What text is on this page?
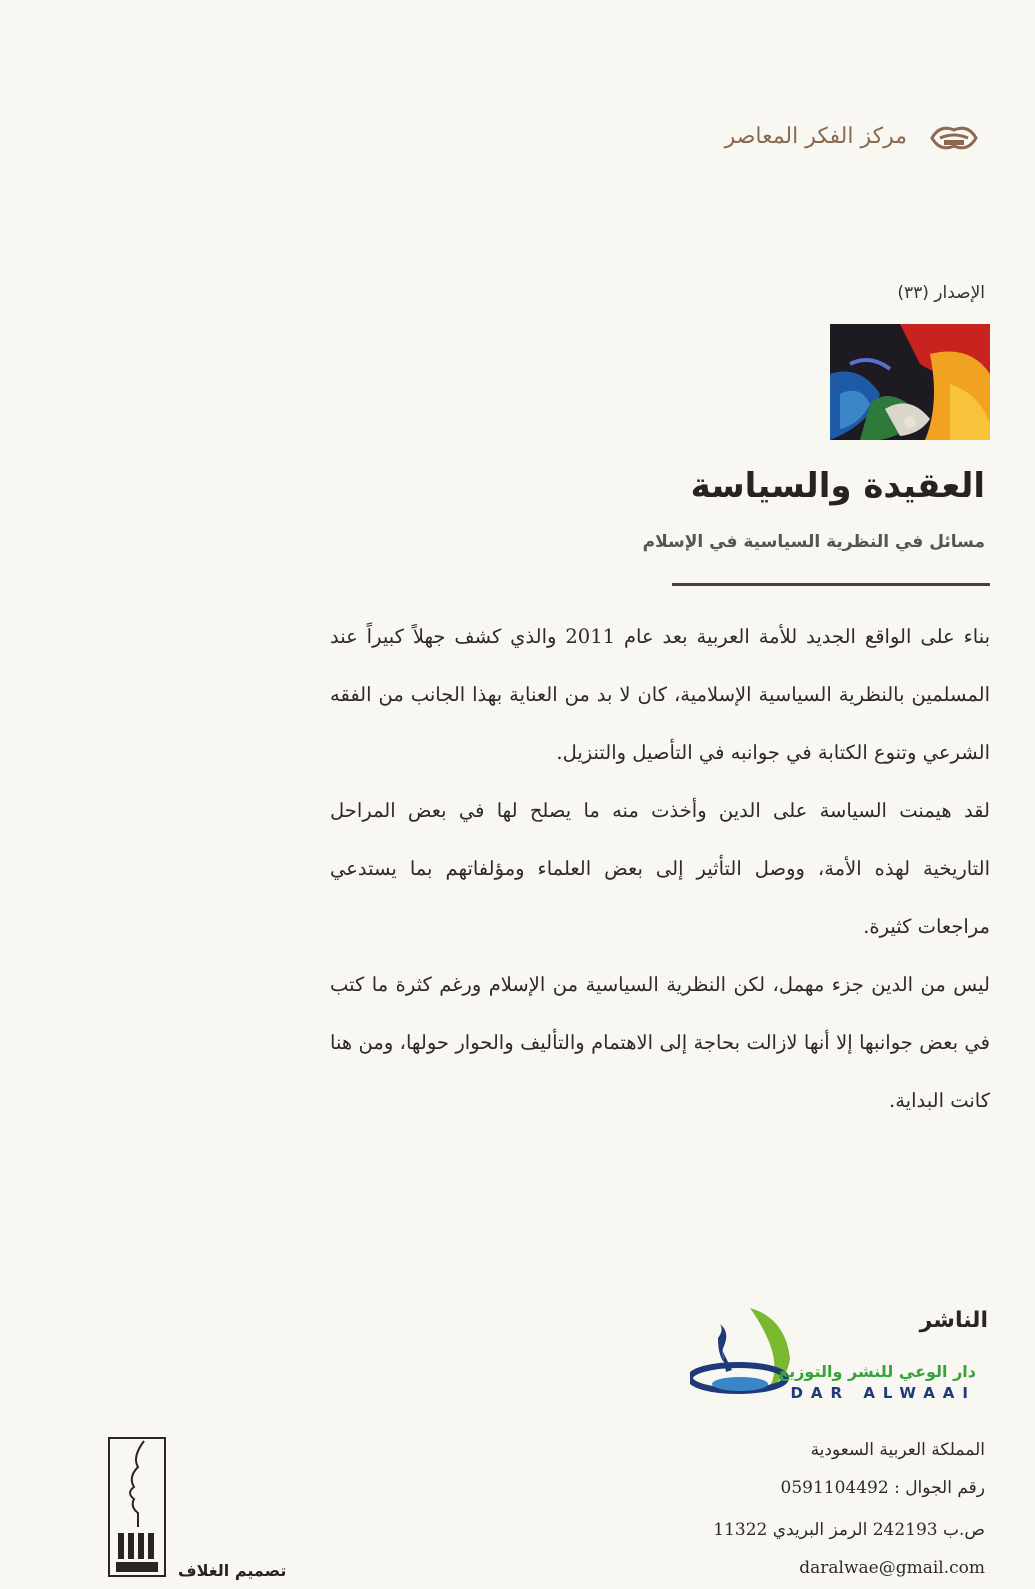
مركز الفكر المعاصر
الإصدار (٣٣)
العقيدة والسياسة
مسائل في النظرية السياسية في الإسلام

بناء على الواقع الجديد للأمة العربية بعد عام 2011 والذي كشف جهلاً كبيراً عند المسلمين بالنظرية السياسية الإسلامية، كان لا بد من العناية بهذا الجانب من الفقه الشرعي وتنوع الكتابة في جوانبه في التأصيل والتنزيل.

لقد هيمنت السياسة على الدين وأخذت منه ما يصلح لها في بعض المراحل التاريخية لهذه الأمة، ووصل التأثير إلى بعض العلماء ومؤلفاتهم بما يستدعي مراجعات كثيرة.

ليس من الدين جزء مهمل، لكن النظرية السياسية من الإسلام ورغم كثرة ما كتب في بعض جوانبها إلا أنها لازالت بحاجة إلى الاهتمام والتأليف والحوار حولها، ومن هنا كانت البداية.

الناشر
دار الوعي للنشر والتوزيع
DAR ALWAAI
المملكة العربية السعودية
رقم الجوال : 0591104492
ص.ب 242193 الرمز البريدي 11322
daralwae@gmail.com
تصميم الغلاف
